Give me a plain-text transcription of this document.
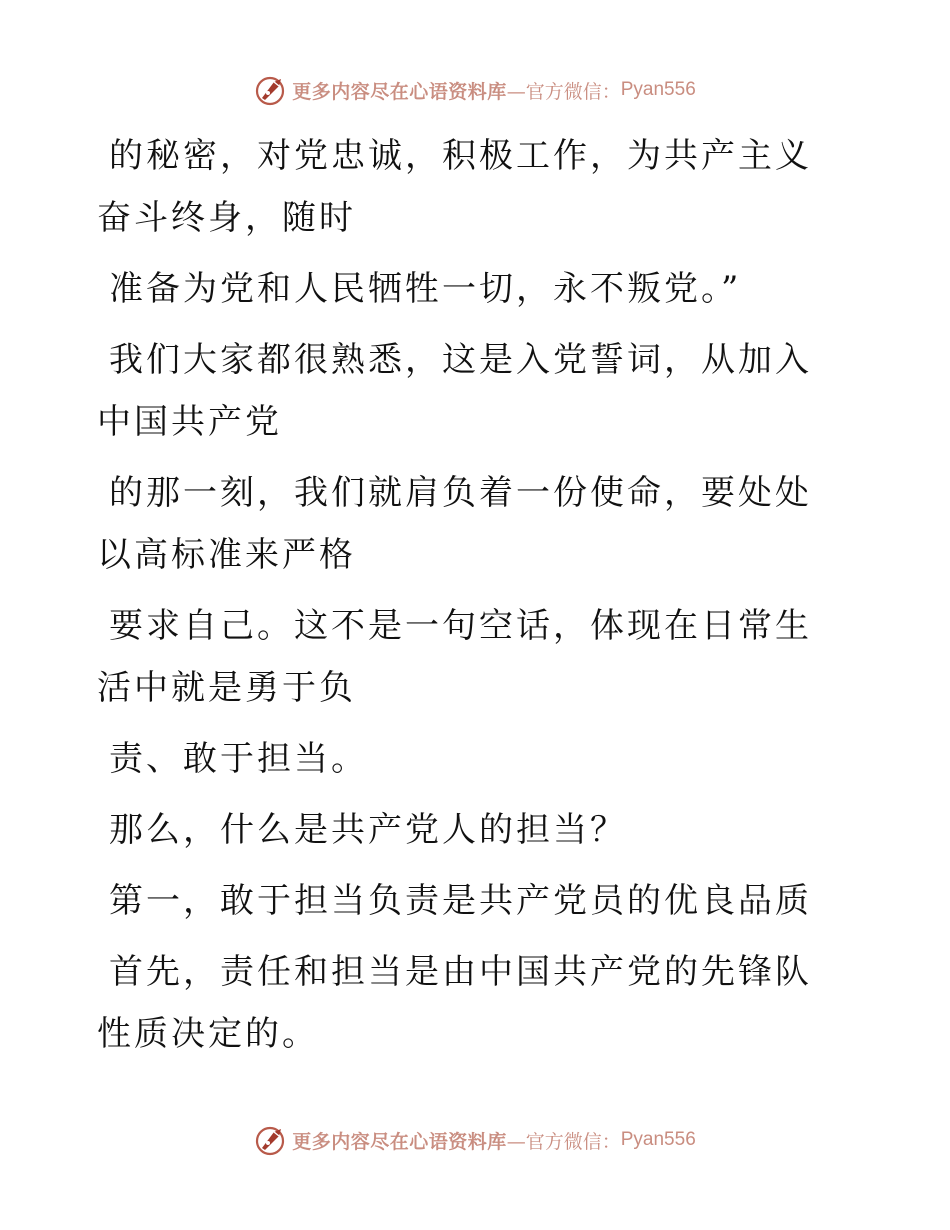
更多内容尽在心语资料库 —官方微信： Pyan556

的秘密，对党忠诚，积极工作，为共产主义奋斗终身，随时

准备为党和人民牺牲一切，永不叛党。”

我们大家都很熟悉，这是入党誓词，从加入中国共产党

的那一刻，我们就肩负着一份使命，要处处以高标准来严格

要求自己。这不是一句空话，体现在日常生活中就是勇于负

责、敢于担当。

那么，什么是共产党人的担当？

第一，敢于担当负责是共产党员的优良品质

首先，责任和担当是由中国共产党的先锋队性质决定的。

更多内容尽在心语资料库 —官方微信： Pyan556
